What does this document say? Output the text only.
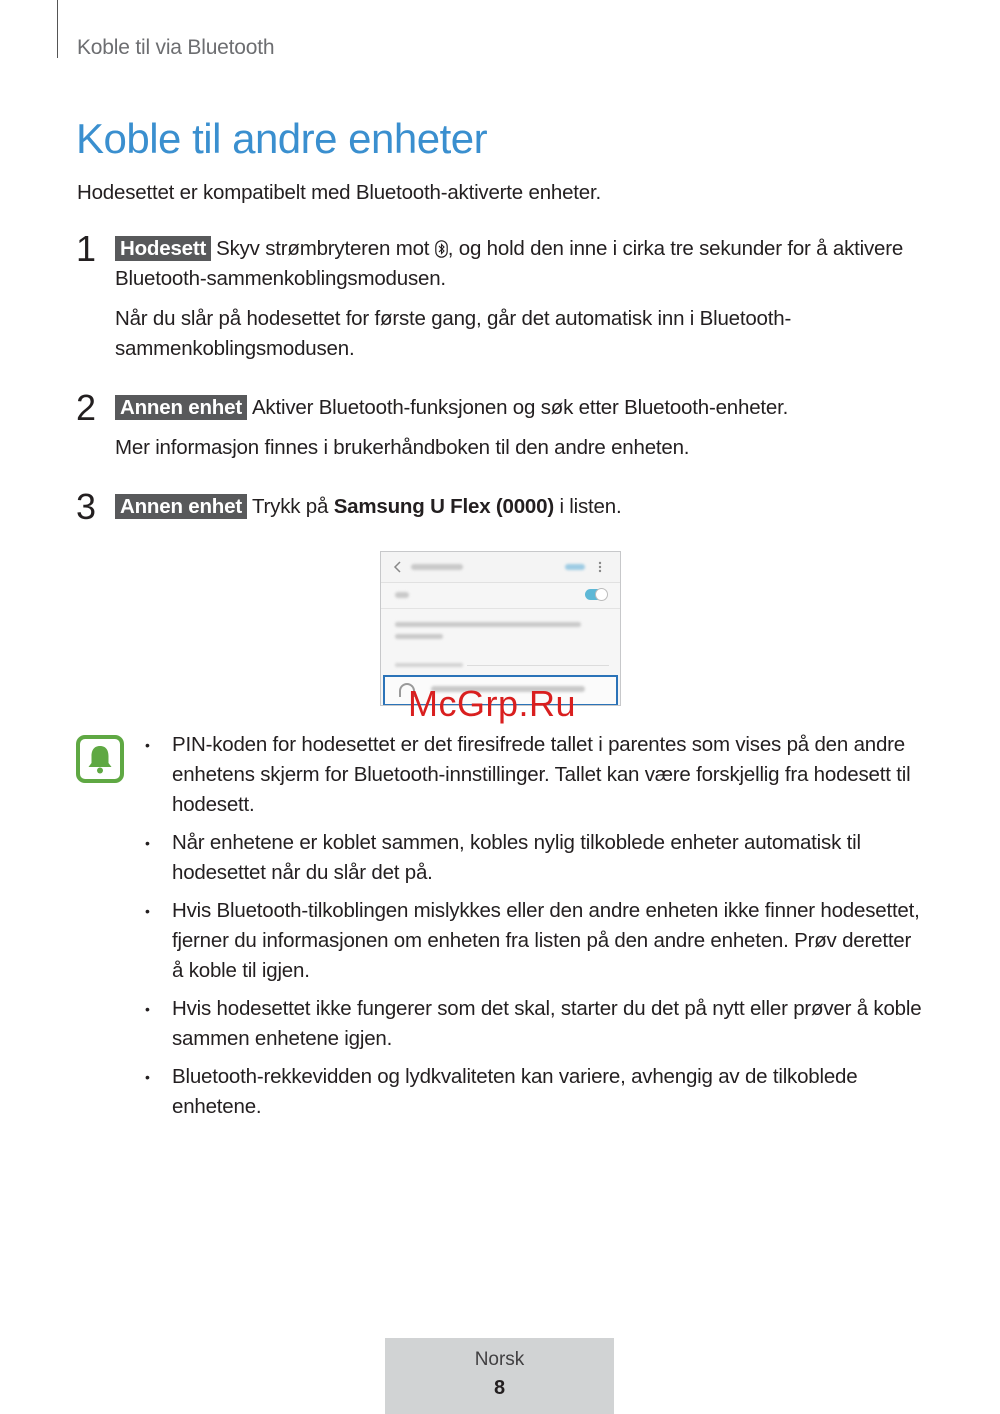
Koble til via Bluetooth
Koble til andre enheter
Hodesettet er kompatibelt med Bluetooth-aktiverte enheter.
1 Hodesett Skyv strømbryteren mot , og hold den inne i cirka tre sekunder for å aktivere Bluetooth-sammenkoblingsmodusen.

Når du slår på hodesettet for første gang, går det automatisk inn i Bluetooth-sammenkoblingsmodusen.

2 Annen enhet Aktiver Bluetooth-funksjonen og søk etter Bluetooth-enheter.

Mer informasjon finnes i brukerhåndboken til den andre enheten.

3 Annen enhet Trykk på Samsung U Flex (0000) i listen.

McGrp.Ru
• PIN-koden for hodesettet er det firesifrede tallet i parentes som vises på den andre enhetens skjerm for Bluetooth-innstillinger. Tallet kan være forskjellig fra hodesett til hodesett.
• Når enhetene er koblet sammen, kobles nylig tilkoblede enheter automatisk til hodesettet når du slår det på.
• Hvis Bluetooth-tilkoblingen mislykkes eller den andre enheten ikke finner hodesettet, fjerner du informasjonen om enheten fra listen på den andre enheten. Prøv deretter å koble til igjen.
• Hvis hodesettet ikke fungerer som det skal, starter du det på nytt eller prøver å koble sammen enhetene igjen.
• Bluetooth-rekkevidden og lydkvaliteten kan variere, avhengig av de tilkoblede enhetene.
Norsk
8
